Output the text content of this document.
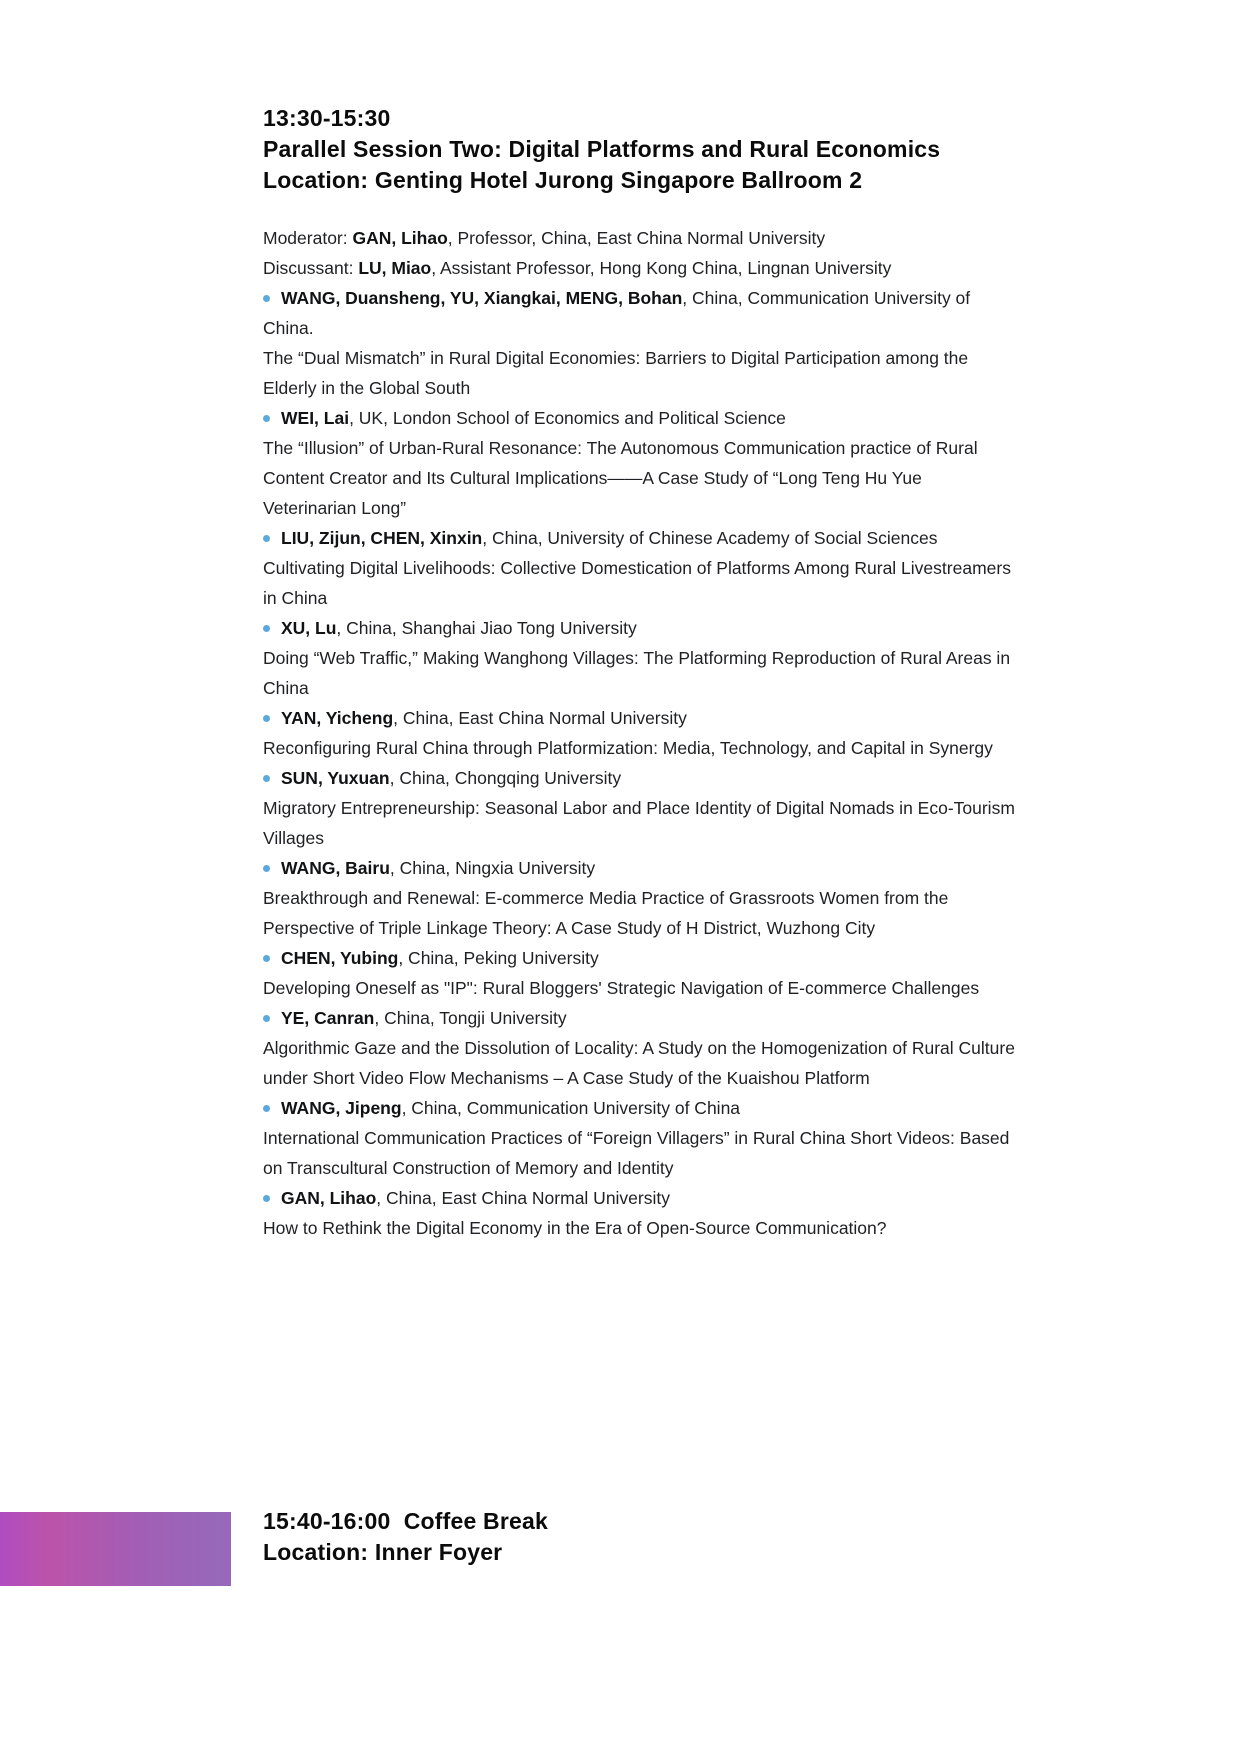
13:30-15:30
Parallel Session Two: Digital Platforms and Rural Economics
Location: Genting Hotel Jurong Singapore Ballroom 2

Moderator: GAN, Lihao, Professor, China, East China Normal University

Discussant: LU, Miao, Assistant Professor, Hong Kong China, Lingnan University

WANG, Duansheng, YU, Xiangkai, MENG, Bohan, China, Communication University of China.

The “Dual Mismatch” in Rural Digital Economies: Barriers to Digital Participation among the Elderly in the Global South

WEI, Lai, UK, London School of Economics and Political Science

The “Illusion” of Urban-Rural Resonance: The Autonomous Communication practice of Rural Content Creator and Its Cultural Implications——A Case Study of “Long Teng Hu Yue Veterinarian Long”

LIU, Zijun, CHEN, Xinxin, China, University of Chinese Academy of Social Sciences

Cultivating Digital Livelihoods: Collective Domestication of Platforms Among Rural Livestreamers in China

XU, Lu, China, Shanghai Jiao Tong University

Doing “Web Traffic,” Making Wanghong Villages: The Platforming Reproduction of Rural Areas in China

YAN, Yicheng, China, East China Normal University

Reconfiguring Rural China through Platformization: Media, Technology, and Capital in Synergy

SUN, Yuxuan, China, Chongqing University

Migratory Entrepreneurship: Seasonal Labor and Place Identity of Digital Nomads in Eco-Tourism Villages

WANG, Bairu, China, Ningxia University

Breakthrough and Renewal: E-commerce Media Practice of Grassroots Women from the Perspective of Triple Linkage Theory: A Case Study of H District, Wuzhong City

CHEN, Yubing, China, Peking University

Developing Oneself as "IP": Rural Bloggers' Strategic Navigation of E-commerce Challenges

YE, Canran, China, Tongji University

Algorithmic Gaze and the Dissolution of Locality: A Study on the Homogenization of Rural Culture under Short Video Flow Mechanisms – A Case Study of the Kuaishou Platform

WANG, Jipeng, China, Communication University of China

International Communication Practices of “Foreign Villagers” in Rural China Short Videos: Based on Transcultural Construction of Memory and Identity

GAN, Lihao, China, East China Normal University

How to Rethink the Digital Economy in the Era of Open-Source Communication?

15:40-16:00  Coffee Break
Location: Inner Foyer
